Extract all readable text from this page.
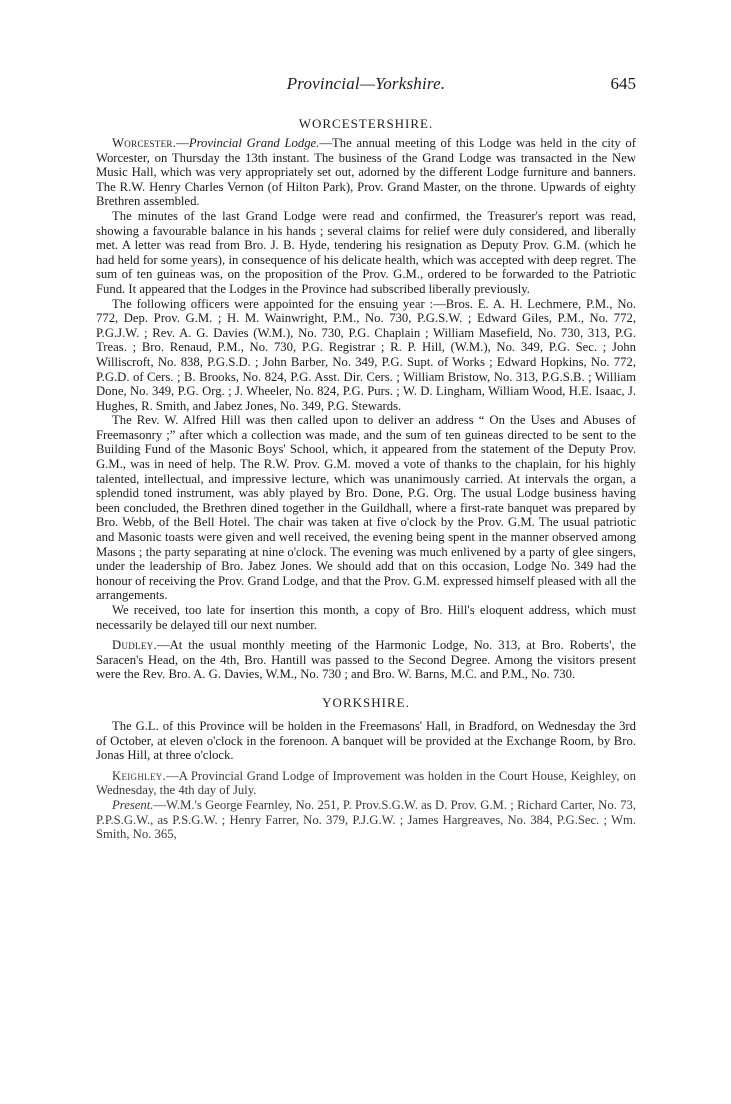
Provincial—Yorkshire.	645
WORCESTERSHIRE.

Worcester.—Provincial Grand Lodge.—The annual meeting of this Lodge was held in the city of Worcester, on Thursday the 13th instant. The business of the Grand Lodge was transacted in the New Music Hall, which was very appropriately set out, adorned by the different Lodge furniture and banners. The R.W. Henry Charles Vernon (of Hilton Park), Prov. Grand Master, on the throne. Upwards of eighty Brethren assembled.

The minutes of the last Grand Lodge were read and confirmed, the Treasurer's report was read, showing a favourable balance in his hands ; several claims for relief were duly considered, and liberally met. A letter was read from Bro. J. B. Hyde, tendering his resignation as Deputy Prov. G.M. (which he had held for some years), in consequence of his delicate health, which was accepted with deep regret. The sum of ten guineas was, on the proposition of the Prov. G.M., ordered to be forwarded to the Patriotic Fund. It appeared that the Lodges in the Province had subscribed liberally previously.

The following officers were appointed for the ensuing year :—Bros. E. A. H. Lechmere, P.M., No. 772, Dep. Prov. G.M. ; H. M. Wainwright, P.M., No. 730, P.G.S.W. ; Edward Giles, P.M., No. 772, P.G.J.W. ; Rev. A. G. Davies (W.M.), No. 730, P.G. Chaplain ; William Masefield, No. 730, 313, P.G. Treas. ; Bro. Renaud, P.M., No. 730, P.G. Registrar ; R. P. Hill, (W.M.), No. 349, P.G. Sec. ; John Williscroft, No. 838, P.G.S.D. ; John Barber, No. 349, P.G. Supt. of Works ; Edward Hopkins, No. 772, P.G.D. of Cers. ; B. Brooks, No. 824, P.G. Asst. Dir. Cers. ; William Bristow, No. 313, P.G.S.B. ; William Done, No. 349, P.G. Org. ; J. Wheeler, No. 824, P.G. Purs. ; W. D. Lingham, William Wood, H.E. Isaac, J. Hughes, R. Smith, and Jabez Jones, No. 349, P.G. Stewards.

The Rev. W. Alfred Hill was then called upon to deliver an address “ On the Uses and Abuses of Freemasonry ;” after which a collection was made, and the sum of ten guineas directed to be sent to the Building Fund of the Masonic Boys' School, which, it appeared from the statement of the Deputy Prov. G.M., was in need of help. The R.W. Prov. G.M. moved a vote of thanks to the chaplain, for his highly talented, intellectual, and impressive lecture, which was unanimously carried. At intervals the organ, a splendid toned instrument, was ably played by Bro. Done, P.G. Org. The usual Lodge business having been concluded, the Brethren dined together in the Guildhall, where a first-rate banquet was prepared by Bro. Webb, of the Bell Hotel. The chair was taken at five o'clock by the Prov. G.M. The usual patriotic and Masonic toasts were given and well received, the evening being spent in the manner observed among Masons ; the party separating at nine o'clock. The evening was much enlivened by a party of glee singers, under the leadership of Bro. Jabez Jones. We should add that on this occasion, Lodge No. 349 had the honour of receiving the Prov. Grand Lodge, and that the Prov. G.M. expressed himself pleased with all the arrangements.

We received, too late for insertion this month, a copy of Bro. Hill's eloquent address, which must necessarily be delayed till our next number.

Dudley.—At the usual monthly meeting of the Harmonic Lodge, No. 313, at Bro. Roberts', the Saracen's Head, on the 4th, Bro. Hantill was passed to the Second Degree. Among the visitors present were the Rev. Bro. A. G. Davies, W.M., No. 730 ; and Bro. W. Barns, M.C. and P.M., No. 730.

YORKSHIRE.

The G.L. of this Province will be holden in the Freemasons' Hall, in Bradford, on Wednesday the 3rd of October, at eleven o'clock in the forenoon. A banquet will be provided at the Exchange Room, by Bro. Jonas Hill, at three o'clock.

Keighley.—A Provincial Grand Lodge of Improvement was holden in the Court House, Keighley, on Wednesday, the 4th day of July.

Present.—W.M.'s George Fearnley, No. 251, P. Prov.S.G.W. as D. Prov. G.M. ; Richard Carter, No. 73, P.P.S.G.W., as P.S.G.W. ; Henry Farrer, No. 379, P.J.G.W. ; James Hargreaves, No. 384, P.G.Sec. ; Wm. Smith, No. 365,
